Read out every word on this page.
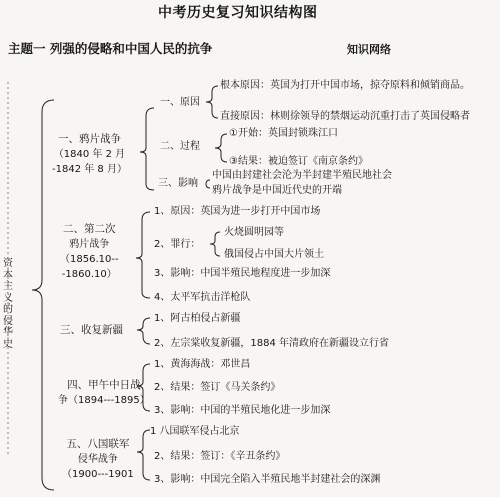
中考历史复习知识结构图
主题一 列强的侵略和中国人民的抗争	知识网络
资本主义的侵华史
一、鸦片战争
（1840 年 2 月
-1842 年 8 月）
一、原因
根本原因：英国为打开中国市场，掠夺原料和倾销商品。
直接原因：林则徐领导的禁烟运动沉重打击了英国侵略者
二、过程
①开始：英国封锁珠江口
③结果：被迫签订《南京条约》
三、影响
中国由封建社会沦为半封建半殖民地社会
鸦片战争是中国近代史的开端
二、第二次
鸦片战争
（1856.10--
-1860.10）
1、原因：英国为进一步打开中国市场
2、罪行：
火烧圆明园等
俄国侵占中国大片领土
3、影响：中国半殖民地程度进一步加深
4、太平军抗击洋枪队
三、收复新疆
1、阿古柏侵占新疆
2、左宗棠收复新疆，1884 年清政府在新疆设立行省
四、甲午中日战
争（1894---1895）
1、黄海海战：邓世昌
2、结果：签订《马关条约》
3、影响：中国的半殖民地化进一步加深
五、八国联军
侵华战争
（1900---1901
1 八国联军侵占北京
2、结果：签订：《辛丑条约》
3、影响：中国完全陷入半殖民地半封建社会的深渊
